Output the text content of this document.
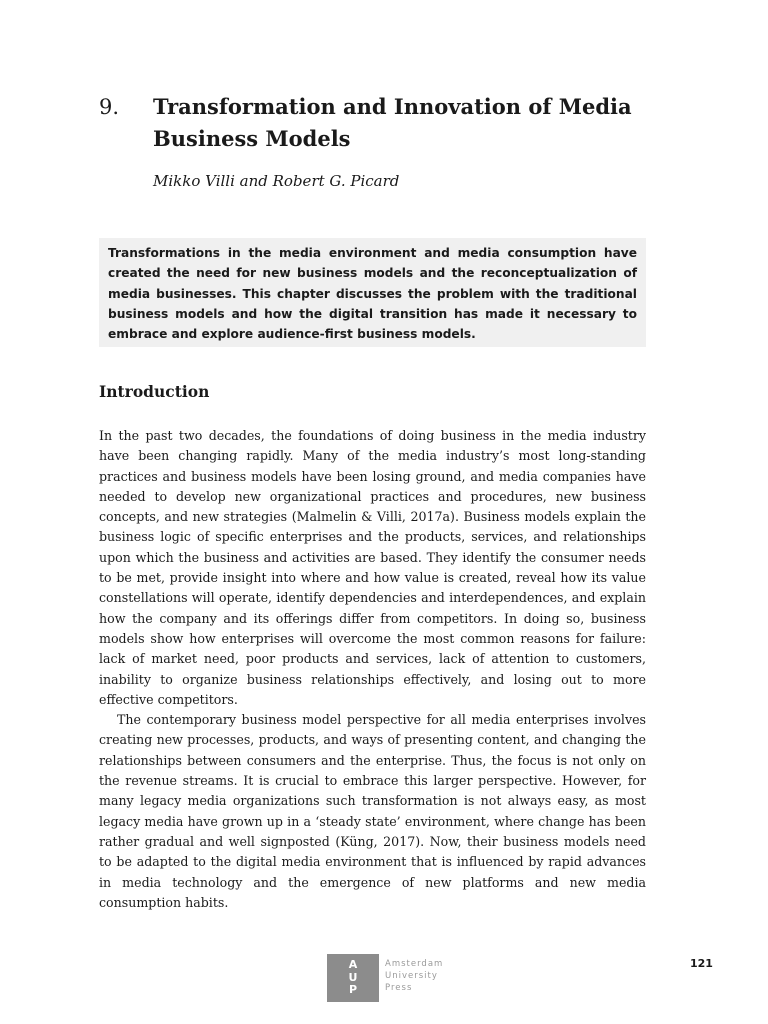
9. Transformation and Innovation of Media Business Models
Mikko Villi and Robert G. Picard

Transformations in the media environment and media consumption have created the need for new business models and the reconceptualization of media businesses. This chapter discusses the problem with the traditional business models and how the digital transition has made it necessary to embrace and explore audience-first business models.

Introduction

In the past two decades, the foundations of doing business in the media industry have been changing rapidly. Many of the media industry’s most long-standing practices and business models have been losing ground, and media companies have needed to develop new organizational practices and procedures, new business concepts, and new strategies (Malmelin & Villi, 2017a). Business models explain the business logic of specific enterprises and the products, services, and relationships upon which the business and activities are based. They identify the consumer needs to be met, provide insight into where and how value is created, reveal how its value constellations will operate, identify dependencies and interdependences, and explain how the company and its offerings differ from competitors. In doing so, business models show how enterprises will overcome the most common reasons for failure: lack of market need, poor products and services, lack of attention to customers, inability to organize business relationships effectively, and losing out to more effective competitors.

The contemporary business model perspective for all media enterprises involves creating new processes, products, and ways of presenting content, and changing the relationships between consumers and the enterprise. Thus, the focus is not only on the revenue streams. It is crucial to embrace this larger perspective. However, for many legacy media organizations such transformation is not always easy, as most legacy media have grown up in a ‘steady state’ environment, where change has been rather gradual and well signposted (Küng, 2017). Now, their business models need to be adapted to the digital media environment that is influenced by rapid advances in media technology and the emergence of new platforms and new media consumption habits.

A
U
P
Amsterdam
University
Press
121
